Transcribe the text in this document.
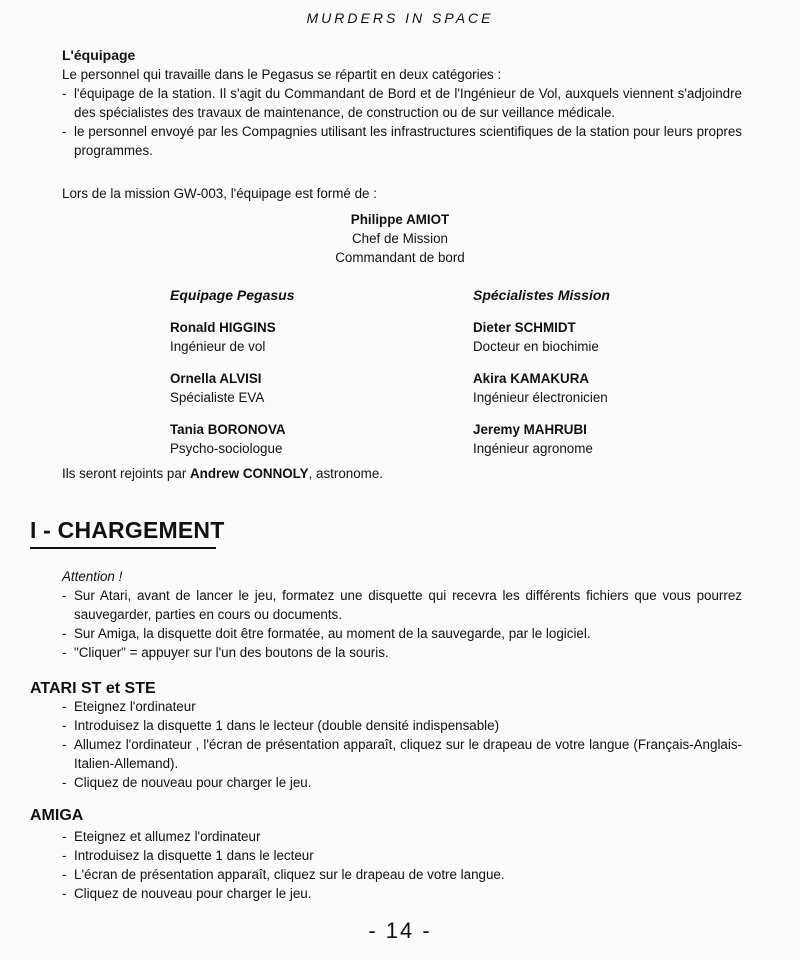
MURDERS IN SPACE
L'équipage
Le personnel qui travaille dans le Pegasus se répartit en deux catégories :
- l'équipage de la station. Il s'agit du Commandant de Bord et de l'Ingénieur de Vol, auxquels viennent s'adjoindre des spécialistes des travaux de maintenance, de construction ou de sur veillance médicale.
- le personnel envoyé par les Compagnies utilisant les infrastructures scientifiques de la station pour leurs propres programmes.
Lors de la mission GW-003, l'équipage est formé de :
Philippe AMIOT
Chef de Mission
Commandant de bord
Equipage Pegasus
Ronald HIGGINS
Ingénieur de vol
Ornella ALVISI
Spécialiste EVA
Tania BORONOVA
Psycho-sociologue
Spécialistes Mission
Dieter SCHMIDT
Docteur en biochimie
Akira KAMAKURA
Ingénieur électronicien
Jeremy MAHRUBI
Ingénieur agronome
Ils seront rejoints par Andrew CONNOLY, astronome.
I - CHARGEMENT
Attention !
- Sur Atari, avant de lancer le jeu, formatez une disquette qui recevra les différents fichiers que vous pourrez sauvegarder, parties en cours ou documents.
- Sur Amiga, la disquette doit être formatée, au moment de la sauvegarde, par le logiciel.
- "Cliquer" = appuyer sur l'un des boutons de la souris.
ATARI ST et STE
- Eteignez l'ordinateur
- Introduisez la disquette 1 dans le lecteur (double densité indispensable)
- Allumez l'ordinateur , l'écran de présentation apparaît, cliquez sur le drapeau de votre langue (Français-Anglais-Italien-Allemand).
- Cliquez de nouveau pour charger le jeu.
AMIGA
- Eteignez et allumez l'ordinateur
- Introduisez la disquette 1 dans le lecteur
- L'écran de présentation apparaît, cliquez sur le drapeau de votre langue.
- Cliquez de nouveau pour charger le jeu.
- 14 -
